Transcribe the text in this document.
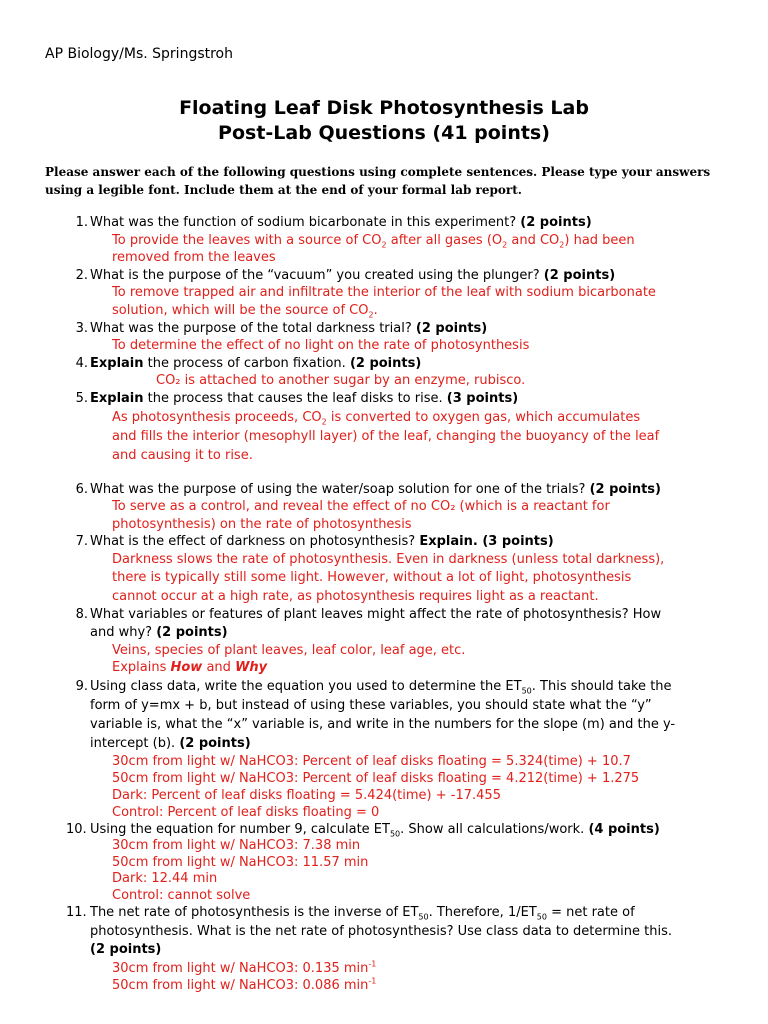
AP Biology/Ms. Springstroh
Floating Leaf Disk Photosynthesis Lab
Post-Lab Questions (41 points)
Please answer each of the following questions using complete sentences. Please type your answers using a legible font. Include them at the end of your formal lab report.
1. What was the function of sodium bicarbonate in this experiment? (2 points)
To provide the leaves with a source of $CO_2$ after all gases ($O_2$ and $CO_2$) had been
removed from the leaves
2. What is the purpose of the “vacuum” you created using the plunger? (2 points)
To remove trapped air and infiltrate the interior of the leaf with sodium bicarbonate
solution, which will be the source of $CO_2$.
3. What was the purpose of the total darkness trial? (2 points)
To determine the effect of no light on the rate of photosynthesis
4. Explain the process of carbon fixation. (2 points)
CO₂ is attached to another sugar by an enzyme, rubisco.
5. Explain the process that causes the leaf disks to rise. (3 points)
As photosynthesis proceeds, $CO_2$ is converted to oxygen gas, which accumulates
and fills the interior (mesophyll layer) of the leaf, changing the buoyancy of the leaf
and causing it to rise.
6. What was the purpose of using the water/soap solution for one of the trials? (2 points)
To serve as a control, and reveal the effect of no CO₂ (which is a reactant for
photosynthesis) on the rate of photosynthesis
7. What is the effect of darkness on photosynthesis? Explain. (3 points)
Darkness slows the rate of photosynthesis. Even in darkness (unless total darkness),
there is typically still some light. However, without a lot of light, photosynthesis
cannot occur at a high rate, as photosynthesis requires light as a reactant.
8. What variables or features of plant leaves might affect the rate of photosynthesis? How
and why? (2 points)
Veins, species of plant leaves, leaf color, leaf age, etc.
Explains How and Why
9. Using class data, write the equation you used to determine the $ET_{50}$. This should take the
form of y=mx + b, but instead of using these variables, you should state what the “y”
variable is, what the “x” variable is, and write in the numbers for the slope (m) and the y-
intercept (b). (2 points)
30cm from light w/ NaHCO3: Percent of leaf disks floating = 5.324(time) + 10.7
50cm from light w/ NaHCO3: Percent of leaf disks floating = 4.212(time) + 1.275
Dark: Percent of leaf disks floating = 5.424(time) + -17.455
Control: Percent of leaf disks floating = 0
10. Using the equation for number 9, calculate $ET_{50}$. Show all calculations/work. (4 points)
30cm from light w/ NaHCO3: 7.38 min
50cm from light w/ NaHCO3: 11.57 min
Dark: 12.44 min
Control: cannot solve
11. The net rate of photosynthesis is the inverse of $ET_{50}$. Therefore, $1/ET_{50}$ = net rate of
photosynthesis. What is the net rate of photosynthesis? Use class data to determine this.
(2 points)
30cm from light w/ NaHCO3: 0.135 $\min^{-1}$
50cm from light w/ NaHCO3: 0.086 $\min^{-1}$
